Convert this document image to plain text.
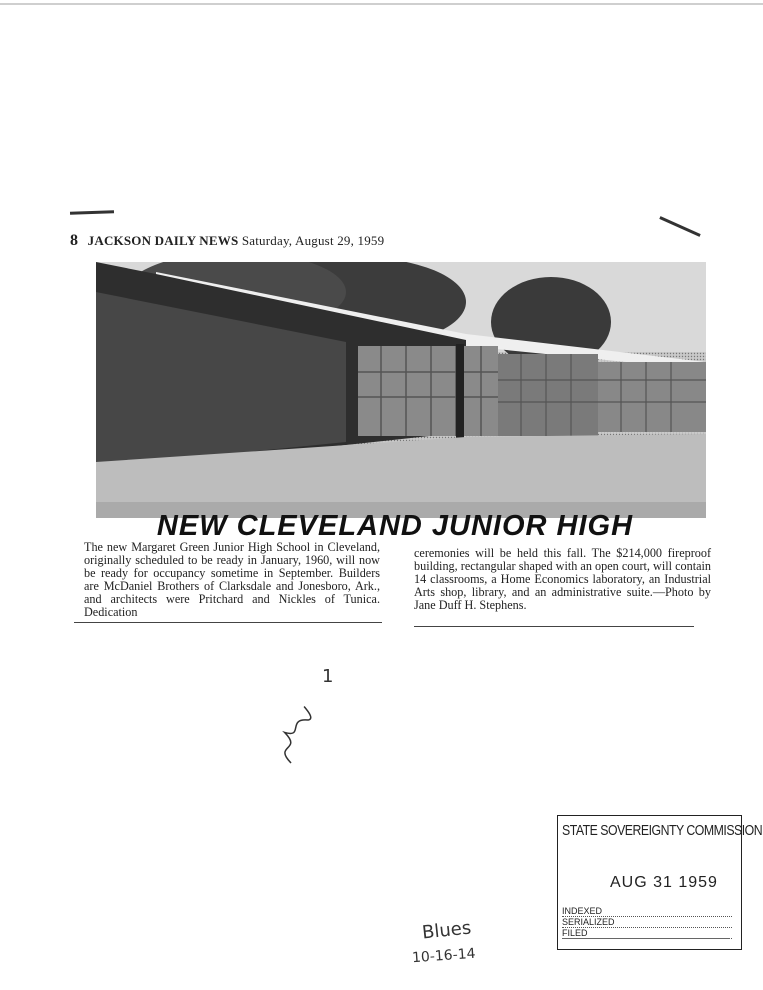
8 JACKSON DAILY NEWS Saturday, August 29, 1959
NEW CLEVELAND JUNIOR HIGH
The new Margaret Green Junior High School in Cleveland, originally scheduled to be ready in January, 1960, will now be ready for occupancy sometime in September. Builders are McDaniel Brothers of Clarksdale and Jonesboro, Ark., and architects were Pritchard and Nickles of Tunica. Dedication
ceremonies will be held this fall. The $214,000 fireproof building, rectangular shaped with an open court, will contain 14 classrooms, a Home Economics laboratory, an Industrial Arts shop, library, and an administrative suite.—Photo by Jane Duff H. Stephens.
1
Blues
10-16-14
STATE SOVEREIGNTY COMMISSION
AUG 31 1959
INDEXED
SERIALIZED
FILED
